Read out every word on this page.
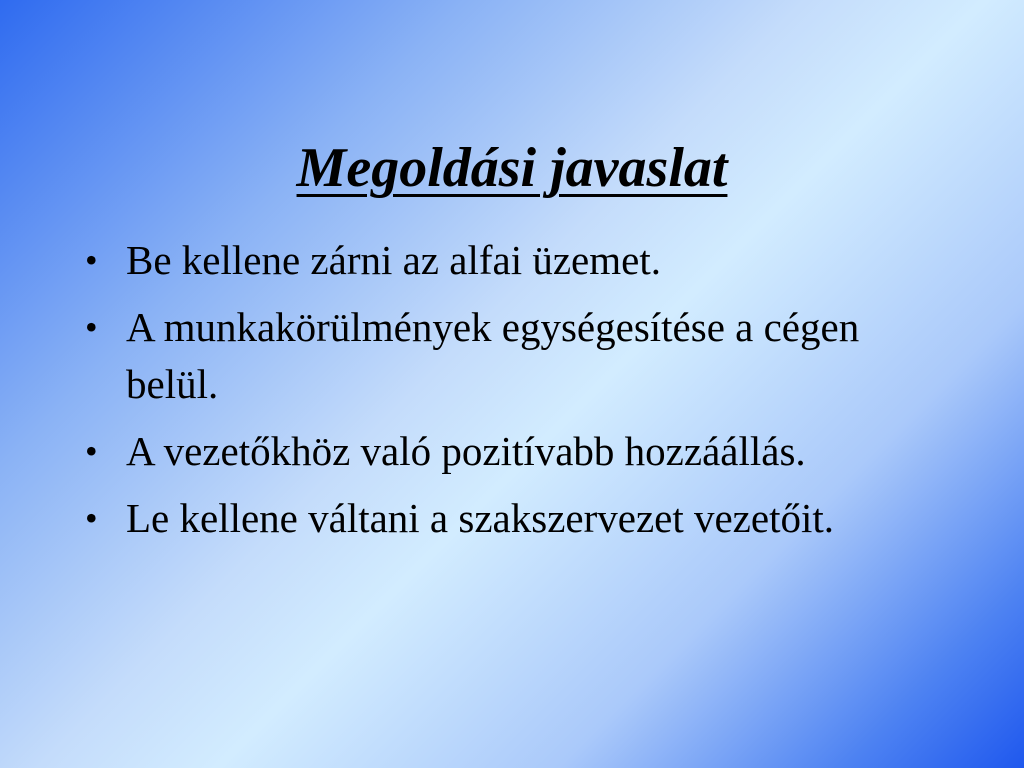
Megoldási javaslat
• Be kellene zárni az alfai üzemet.
• A munkakörülmények egységesítése a cégen belül.
• A vezetőkhöz való pozitívabb hozzáállás.
• Le kellene váltani a szakszervezet vezetőit.
